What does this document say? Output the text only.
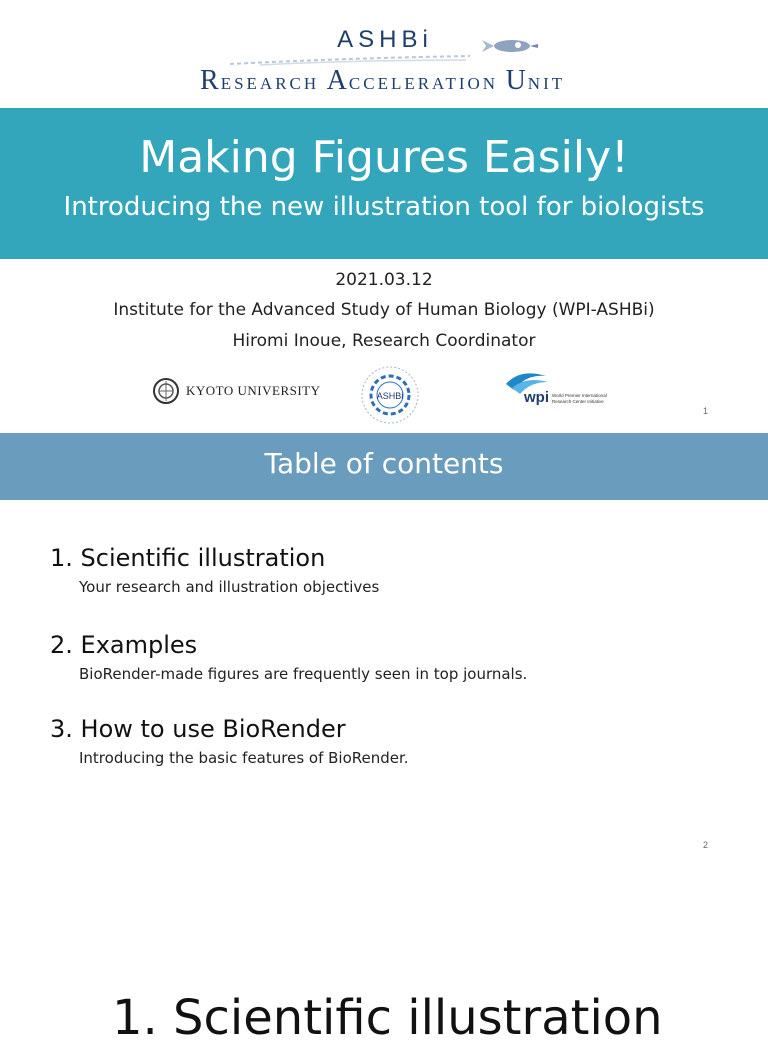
ASHBi
RESEARCH ACCELERATION UNIT
Making Figures Easily!
Introducing the new illustration tool for biologists
2021.03.12
Institute for the Advanced Study of Human Biology (WPI-ASHBi)
Hiromi Inoue, Research Coordinator
KYOTO UNIVERSITY	ASHBi	wpi World Premier International
Research Center Initiative
1
Table of contents

1. Scientific illustration

Your research and illustration objectives

2. Examples

BioRender-made figures are frequently seen in top journals.

3. How to use BioRender

Introducing the basic features of BioRender.

2
1. Scientific illustration
